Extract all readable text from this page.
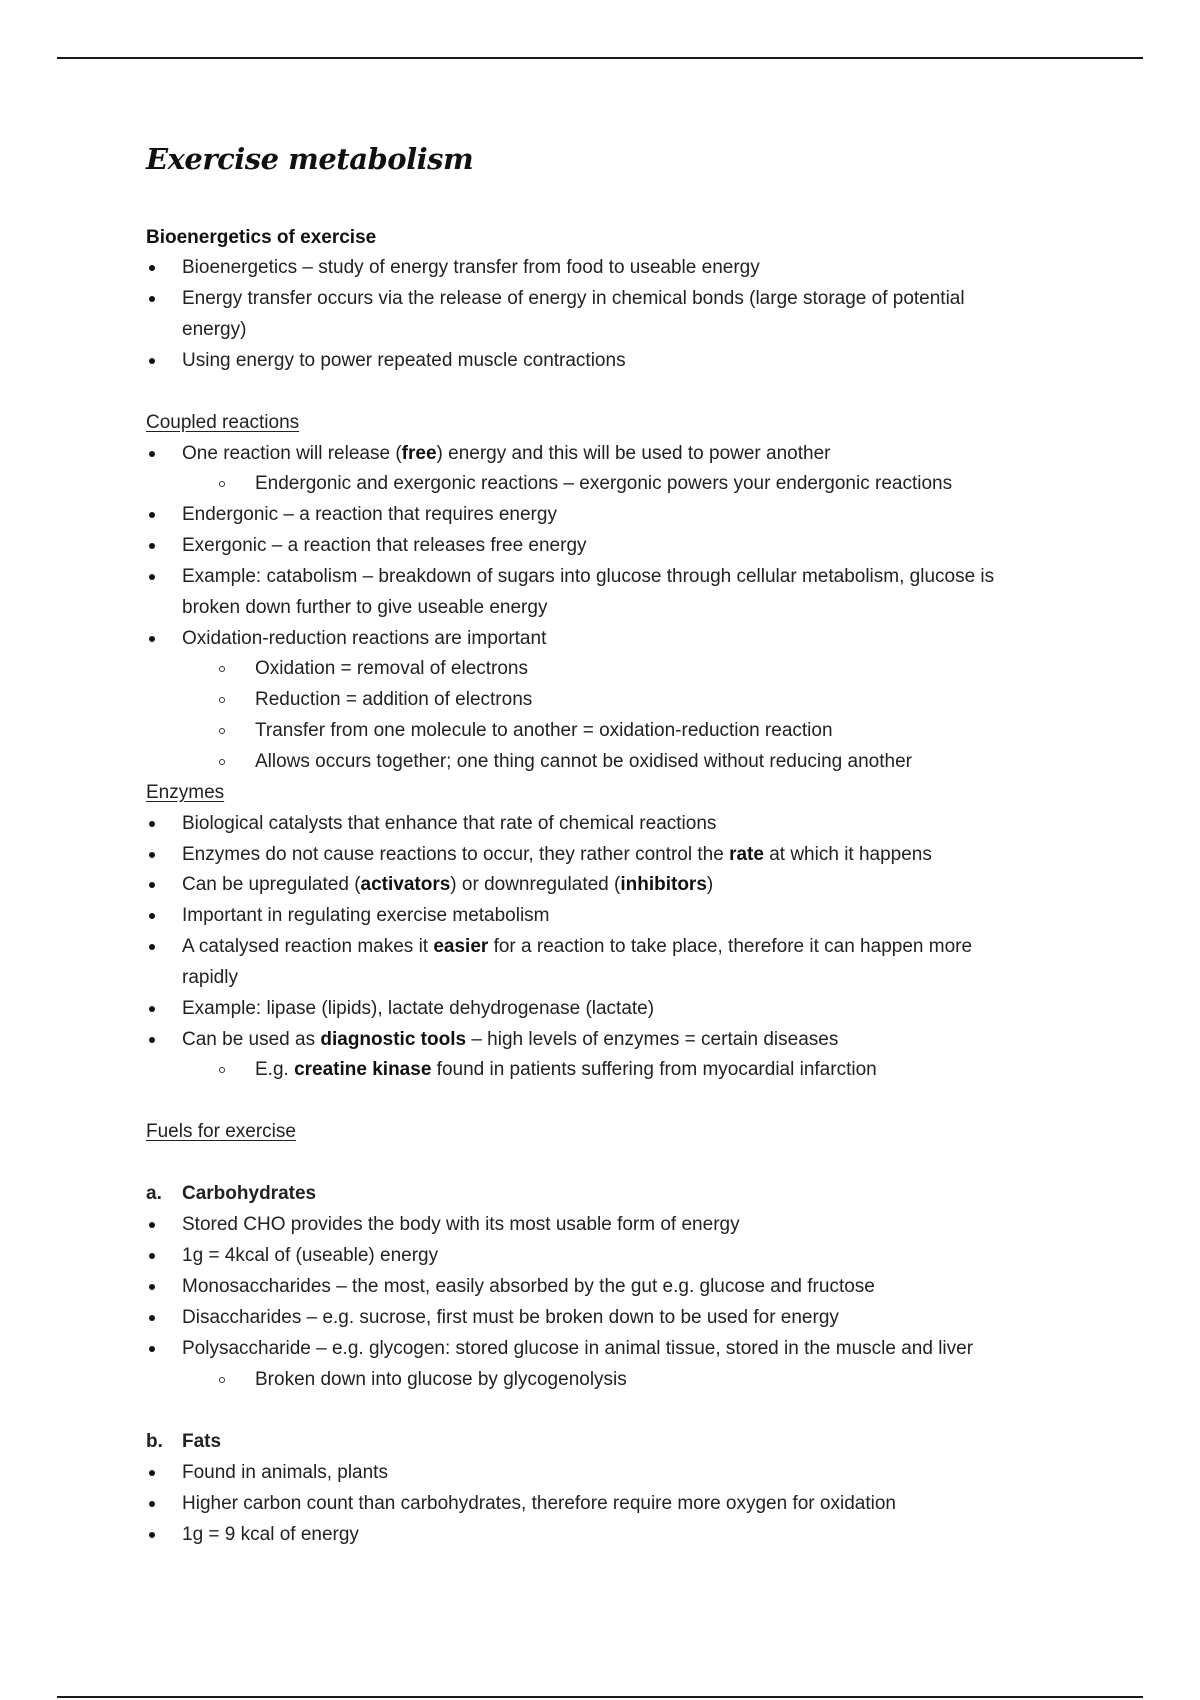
Exercise metabolism
Bioenergetics of exercise
Bioenergetics – study of energy transfer from food to useable energy
Energy transfer occurs via the release of energy in chemical bonds (large storage of potential
energy)
Using energy to power repeated muscle contractions
Coupled reactions
One reaction will release (free) energy and this will be used to power another
Endergonic and exergonic reactions – exergonic powers your endergonic reactions
Endergonic – a reaction that requires energy
Exergonic – a reaction that releases free energy
Example: catabolism – breakdown of sugars into glucose through cellular metabolism, glucose is
broken down further to give useable energy
Oxidation-reduction reactions are important
Oxidation = removal of electrons
Reduction = addition of electrons
Transfer from one molecule to another = oxidation-reduction reaction
Allows occurs together; one thing cannot be oxidised without reducing another
Enzymes
Biological catalysts that enhance that rate of chemical reactions
Enzymes do not cause reactions to occur, they rather control the rate at which it happens
Can be upregulated (activators) or downregulated (inhibitors)
Important in regulating exercise metabolism
A catalysed reaction makes it easier for a reaction to take place, therefore it can happen more
rapidly
Example: lipase (lipids), lactate dehydrogenase (lactate)
Can be used as diagnostic tools – high levels of enzymes = certain diseases
E.g. creatine kinase found in patients suffering from myocardial infarction
Fuels for exercise
a. Carbohydrates
Stored CHO provides the body with its most usable form of energy
1g = 4kcal of (useable) energy
Monosaccharides – the most, easily absorbed by the gut e.g. glucose and fructose
Disaccharides – e.g. sucrose, first must be broken down to be used for energy
Polysaccharide – e.g. glycogen: stored glucose in animal tissue, stored in the muscle and liver
Broken down into glucose by glycogenolysis
b. Fats
Found in animals, plants
Higher carbon count than carbohydrates, therefore require more oxygen for oxidation
1g = 9 kcal of energy
